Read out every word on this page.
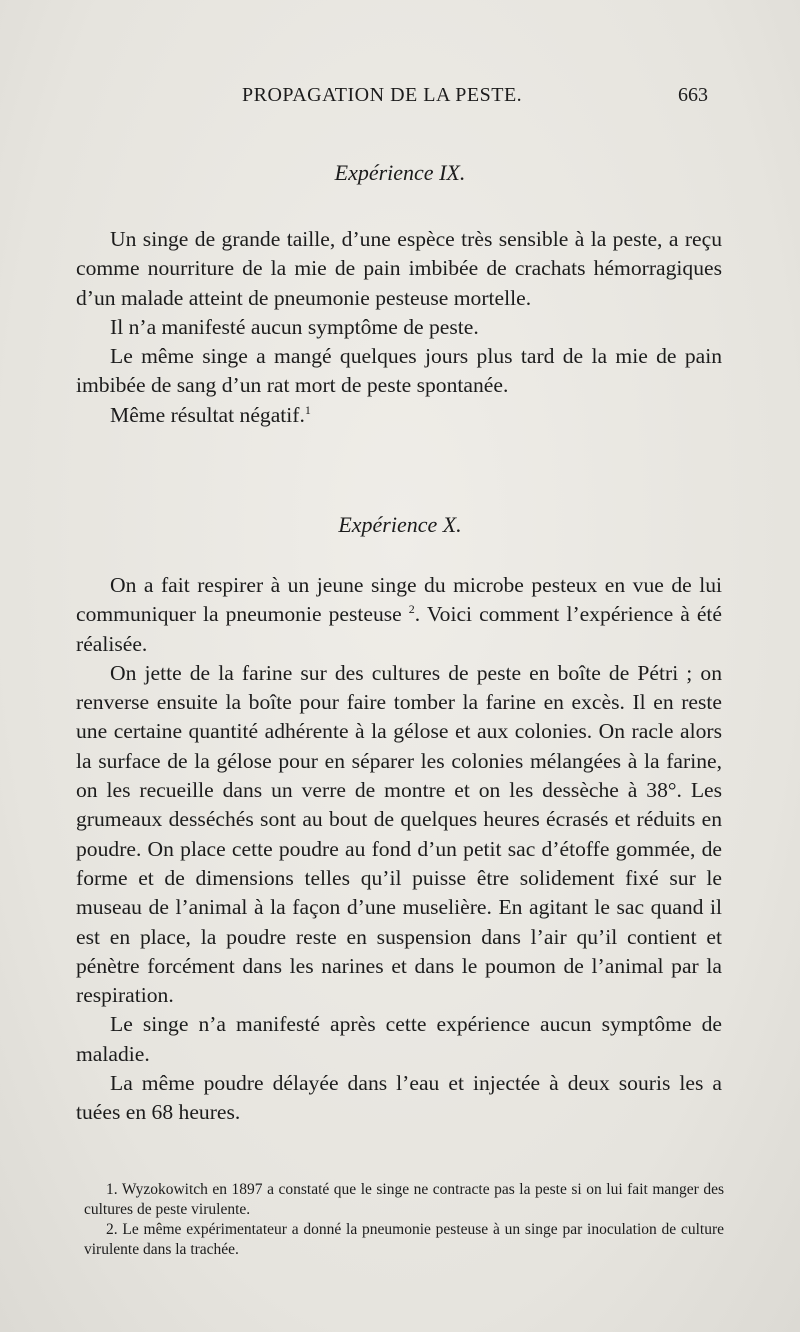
PROPAGATION DE LA PESTE.	663
Expérience IX.

Un singe de grande taille, d’une espèce très sensible à la peste, a reçu comme nourriture de la mie de pain imbibée de crachats hémorragiques d’un malade atteint de pneumonie pesteuse mortelle.

Il n’a manifesté aucun symptôme de peste.

Le même singe a mangé quelques jours plus tard de la mie de pain imbibée de sang d’un rat mort de peste spontanée.

Même résultat négatif.$^1$

Expérience X.

On a fait respirer à un jeune singe du microbe pesteux en vue de lui communiquer la pneumonie pesteuse $^2$. Voici comment l’expérience à été réalisée.

On jette de la farine sur des cultures de peste en boîte de Pétri ; on renverse ensuite la boîte pour faire tomber la farine en excès. Il en reste une certaine quantité adhérente à la gélose et aux colonies. On racle alors la surface de la gélose pour en séparer les colonies mélangées à la farine, on les recueille dans un verre de montre et on les dessèche à 38°. Les grumeaux desséchés sont au bout de quelques heures écrasés et réduits en poudre. On place cette poudre au fond d’un petit sac d’étoffe gommée, de forme et de dimensions telles qu’il puisse être solidement fixé sur le museau de l’animal à la façon d’une muselière. En agitant le sac quand il est en place, la poudre reste en suspension dans l’air qu’il contient et pénètre forcément dans les narines et dans le poumon de l’animal par la respiration.

Le singe n’a manifesté après cette expérience aucun symptôme de maladie.

La même poudre délayée dans l’eau et injectée à deux souris les a tuées en 68 heures.

1. Wyzokowitch en 1897 a constaté que le singe ne contracte pas la peste si on lui fait manger des cultures de peste virulente.

2. Le même expérimentateur a donné la pneumonie pesteuse à un singe par inoculation de culture virulente dans la trachée.
